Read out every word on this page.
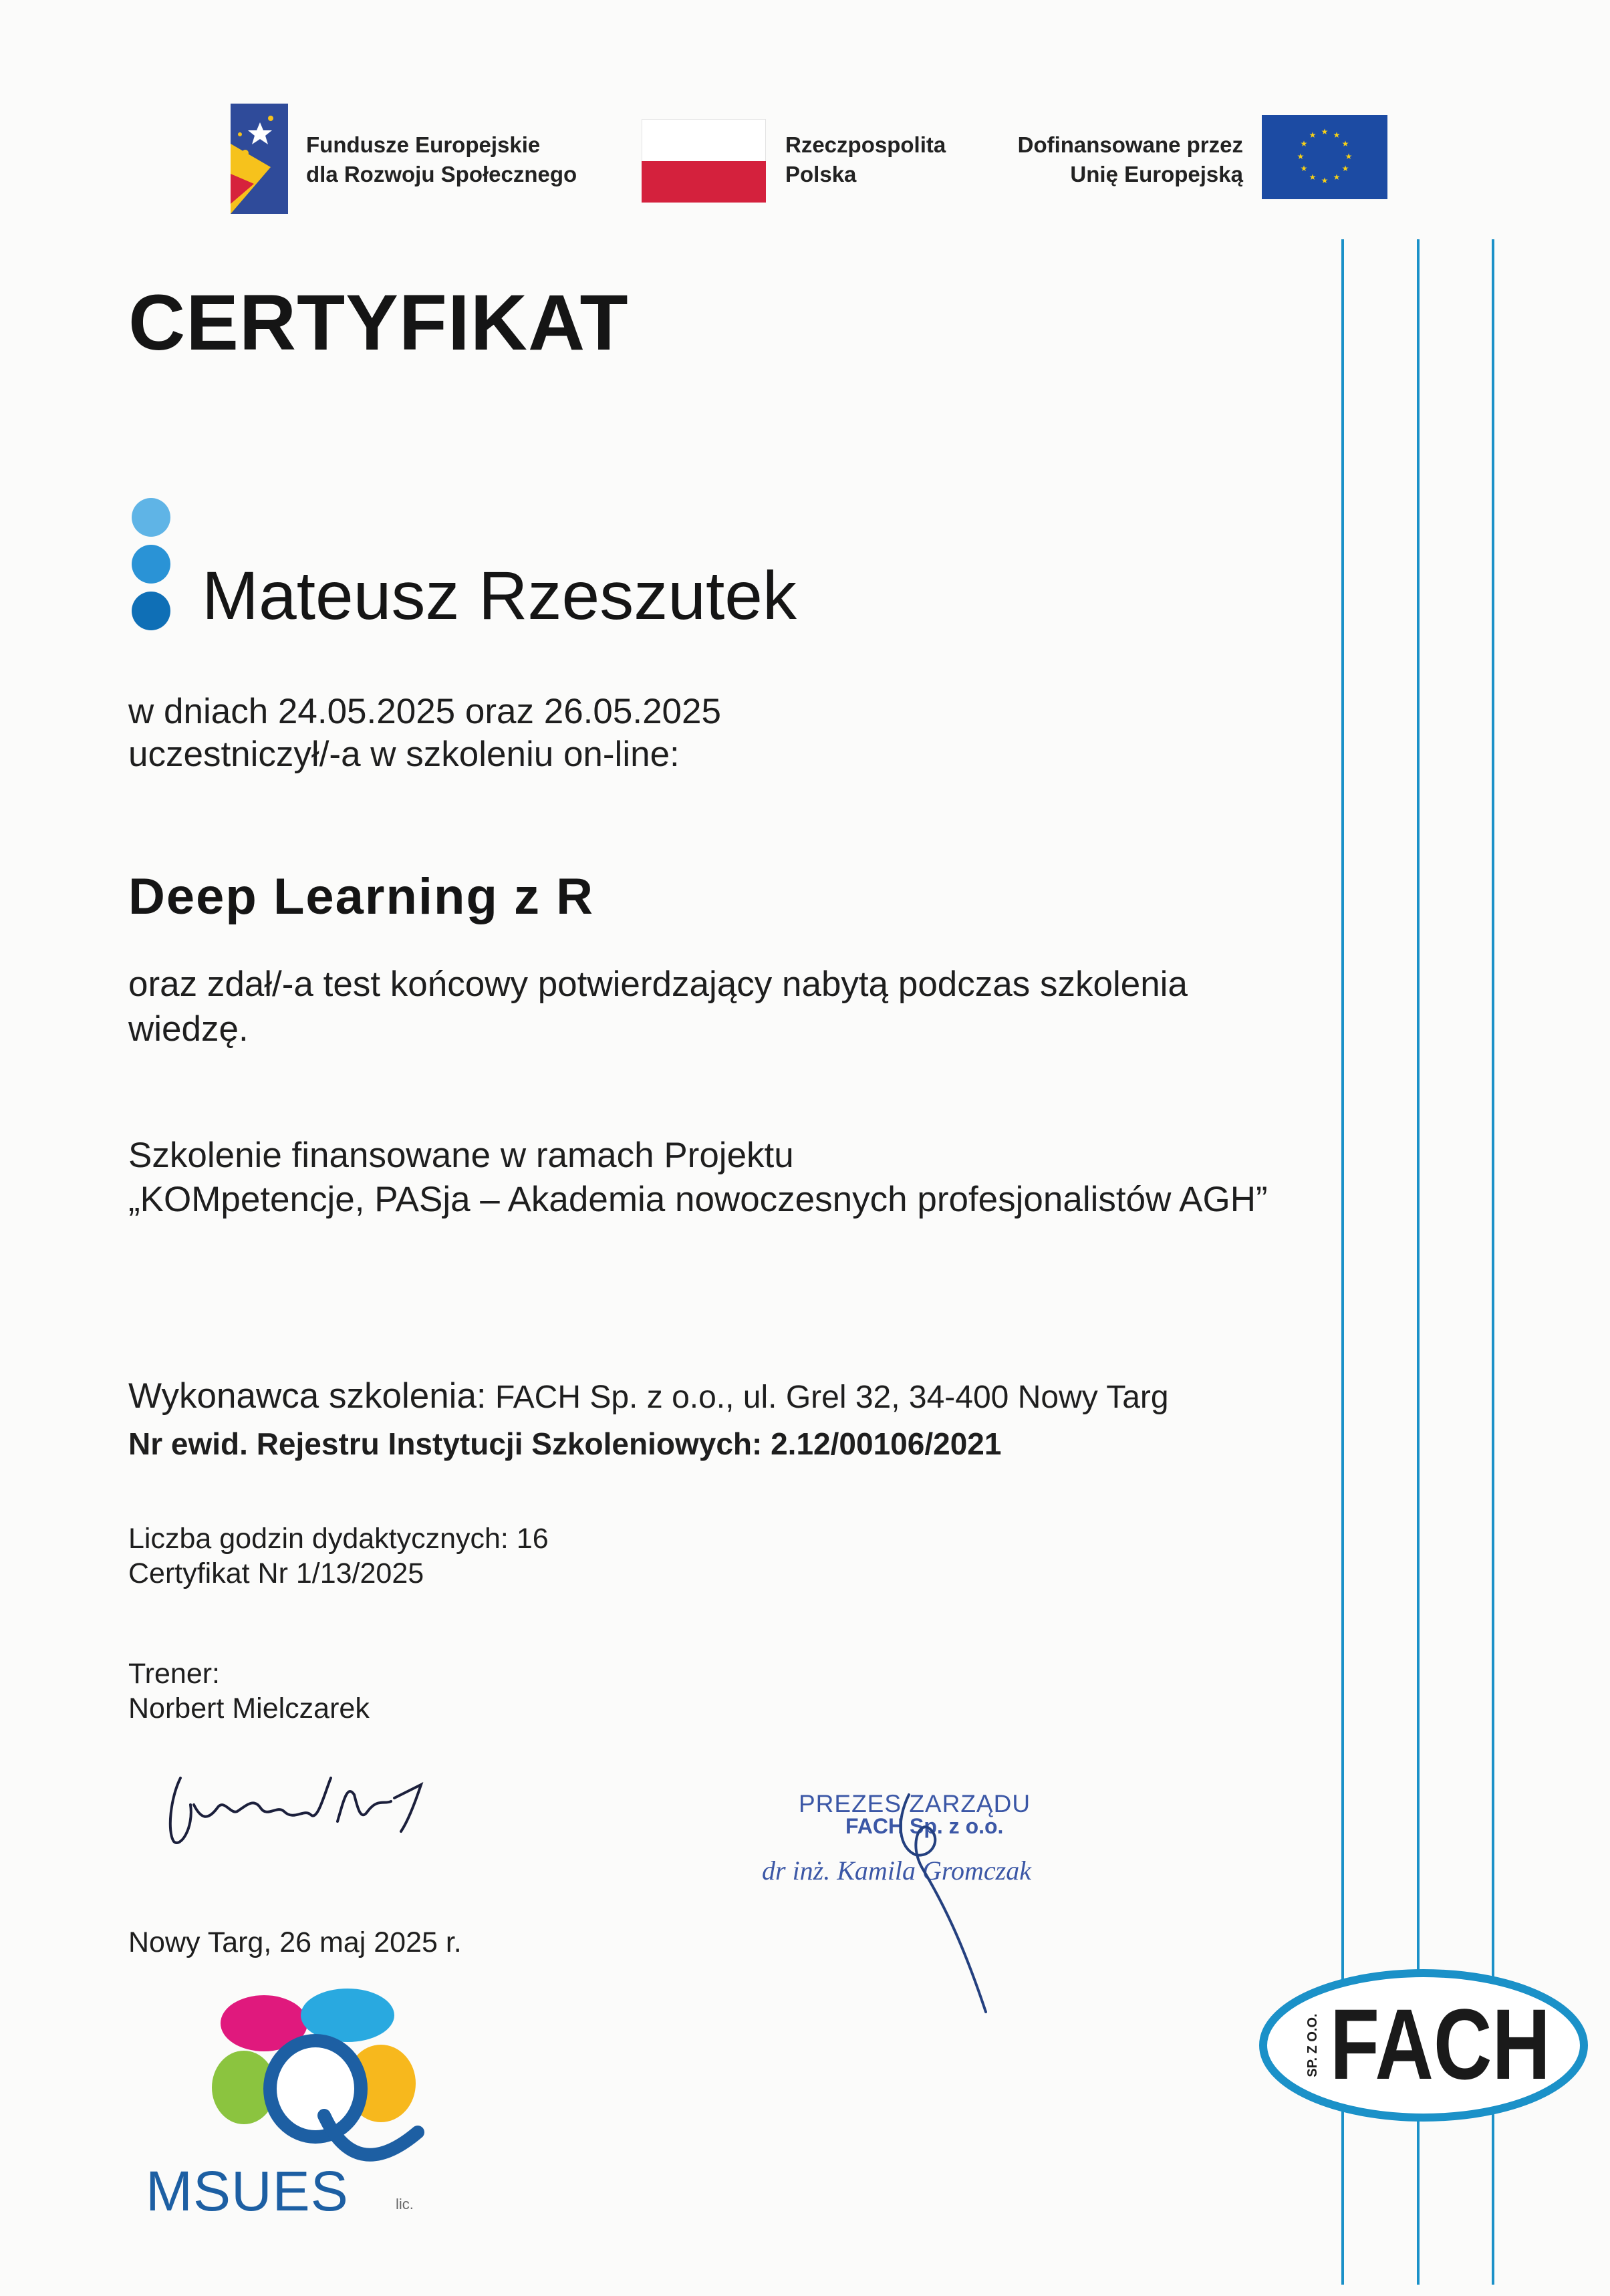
Fundusze Europejskie
dla Rozwoju Społecznego
Rzeczpospolita
Polska
Dofinansowane przez
Unię Europejską
★ ★
★
★
★
★
★
★
★
★
★
★
CERTYFIKAT
Mateusz Rzeszutek
w dniach 24.05.2025 oraz 26.05.2025
uczestniczył/-a w szkoleniu on-line:
Deep Learning z R
oraz zdał/-a test końcowy potwierdzający nabytą podczas szkolenia
wiedzę.
Szkolenie finansowane w ramach Projektu
„KOMpetencje, PASja – Akademia nowoczesnych profesjonalistów AGH”
Wykonawca szkolenia: FACH Sp. z o.o., ul. Grel 32, 34-400 Nowy Targ
Nr ewid. Rejestru Instytucji Szkoleniowych: 2.12/00106/2021
Liczba godzin dydaktycznych: 16
Certyfikat Nr 1/13/2025
Trener:
Norbert Mielczarek
Nowy Targ, 26 maj 2025 r.
PREZES ZARZĄDU
FACH Sp. z o.o.
dr inż. Kamila Gromczak
MSUES	lic.
SP. Z O.O. FACH
